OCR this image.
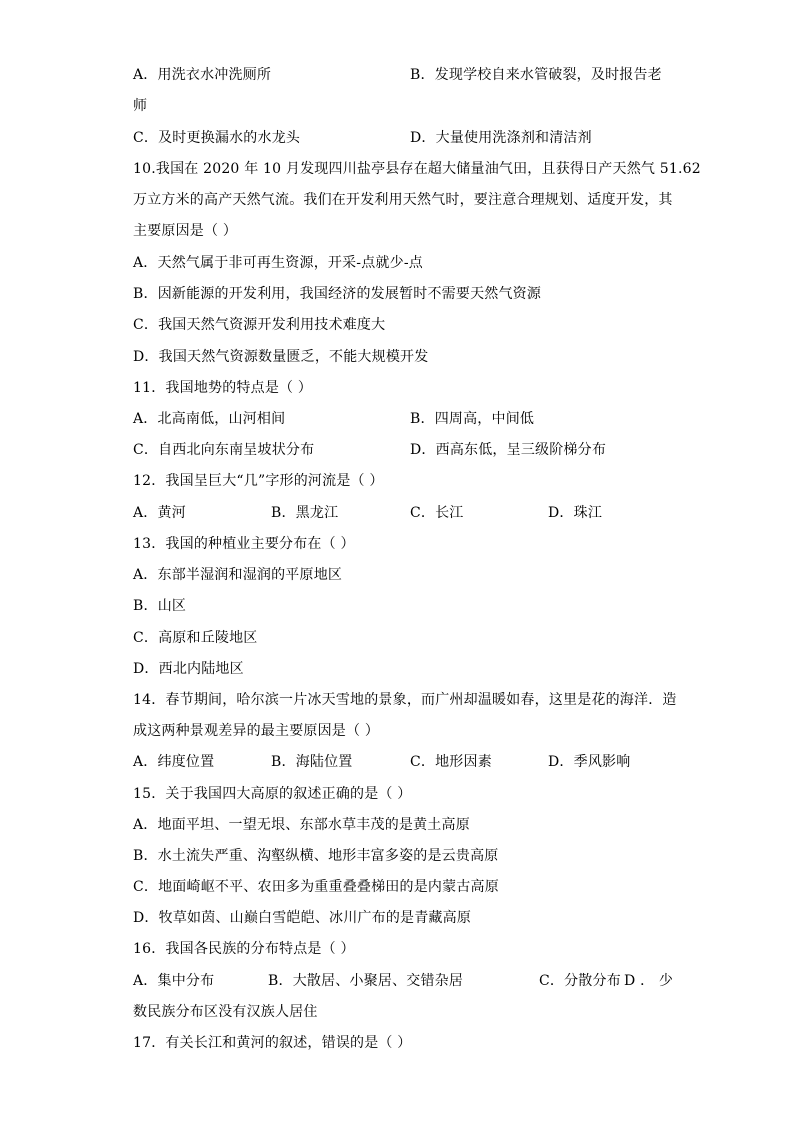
A．用洗衣水冲洗厕所	B．发现学校自来水管破裂，及时报告老
师
C．及时更换漏水的水龙头	D．大量使用洗涤剂和清洁剂
10.我国在 2020 年 10 月发现四川盐亭县存在超大储量油气田，且获得日产天然气 51.62
万立方米的高产天然气流。我们在开发利用天然气时，要注意合理规划、适度开发，其
主要原因是（ ）
A．天然气属于非可再生资源，开采-点就少-点
B．因新能源的开发利用，我国经济的发展暂时不需要天然气资源
C．我国天然气资源开发利用技术难度大
D．我国天然气资源数量匮乏，不能大规模开发
11．我国地势的特点是（ ）
A．北高南低，山河相间	B．四周高，中间低
C．自西北向东南呈坡状分布	D．西高东低，呈三级阶梯分布
12．我国呈巨大“几”字形的河流是（ ）
A．黄河	B．黑龙江	C．长江	D．珠江
13．我国的种植业主要分布在（ ）
A．东部半湿润和湿润的平原地区
B．山区
C．高原和丘陵地区
D．西北内陆地区
14．春节期间，哈尔滨一片冰天雪地的景象，而广州却温暖如春，这里是花的海洋．造
成这两种景观差异的最主要原因是（ ）
A．纬度位置	B．海陆位置	C．地形因素	D．季风影响
15．关于我国四大高原的叙述正确的是（ ）
A．地面平坦、一望无垠、东部水草丰茂的是黄土高原
B．水土流失严重、沟壑纵横、地形丰富多姿的是云贵高原
C．地面崎岖不平、农田多为重重叠叠梯田的是内蒙古高原
D．牧草如茵、山巅白雪皑皑、冰川广布的是青藏高原
16．我国各民族的分布特点是（ ）
A．集中分布	B．大散居、小聚居、交错杂居	C．分散分布 D ． 少
数民族分布区没有汉族人居住
17．有关长江和黄河的叙述，错误的是（ ）
